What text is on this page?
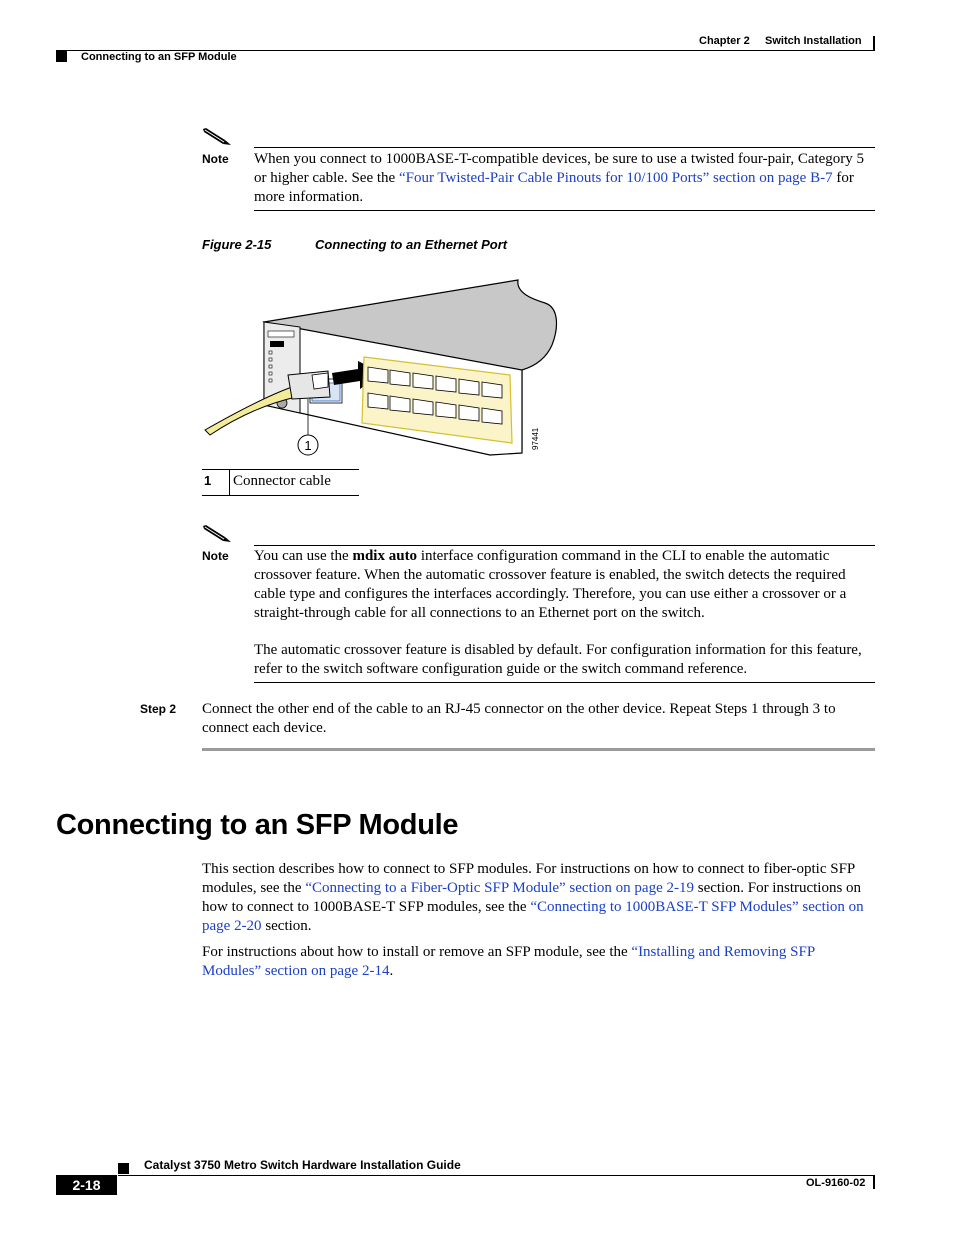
Chapter 2 Switch Installation
Connecting to an SFP Module
Note When you connect to 1000BASE-T-compatible devices, be sure to use a twisted four-pair, Category 5 or higher cable. See the “Four Twisted-Pair Cable Pinouts for 10/100 Ports” section on page B-7 for more information.
Figure 2-15	Connecting to an Ethernet Port
1	97441
1 Connector cable
Note You can use the mdix auto interface configuration command in the CLI to enable the automatic crossover feature. When the automatic crossover feature is enabled, the switch detects the required cable type and configures the interfaces accordingly. Therefore, you can use either a crossover or a straight-through cable for all connections to an Ethernet port on the switch.
The automatic crossover feature is disabled by default. For configuration information for this feature, refer to the switch software configuration guide or the switch command reference.
Step 2 Connect the other end of the cable to an RJ-45 connector on the other device. Repeat Steps 1 through 3 to connect each device.
Connecting to an SFP Module
This section describes how to connect to SFP modules. For instructions on how to connect to fiber-optic SFP modules, see the “Connecting to a Fiber-Optic SFP Module” section on page 2-19 section. For instructions on how to connect to 1000BASE-T SFP modules, see the “Connecting to 1000BASE-T SFP Modules” section on page 2-20 section.
For instructions about how to install or remove an SFP module, see the “Installing and Removing SFP Modules” section on page 2-14.
Catalyst 3750 Metro Switch Hardware Installation Guide
2-18	OL-9160-02
